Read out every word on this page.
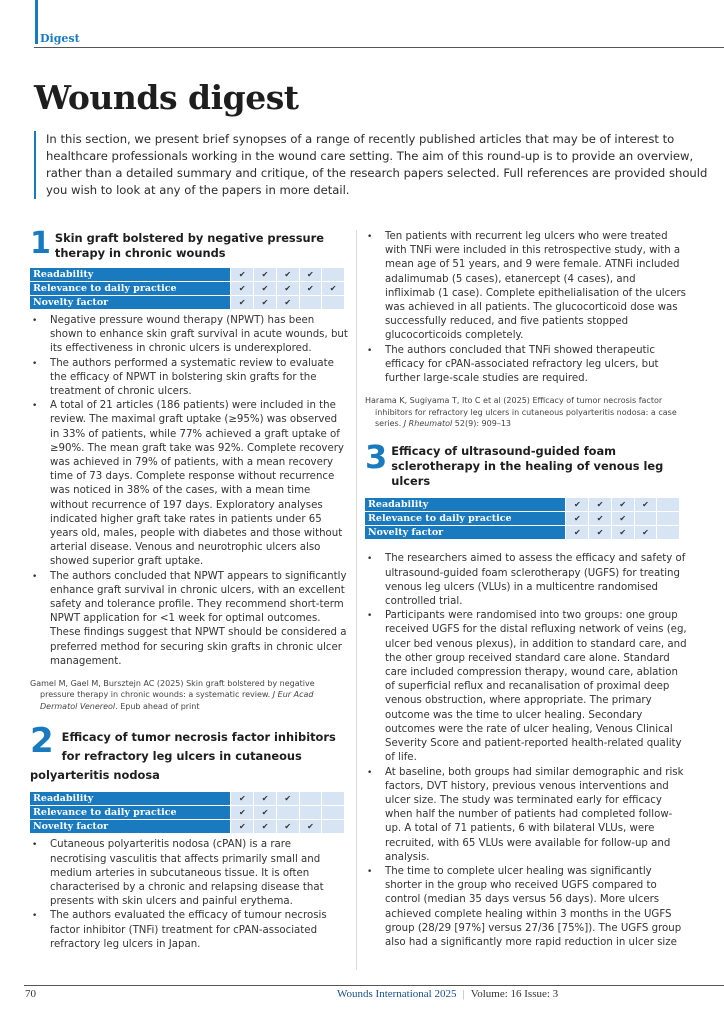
Digest
Wounds digest
In this section, we present brief synopses of a range of recently published articles that may be of interest to healthcare professionals working in the wound care setting. The aim of this round-up is to provide an overview, rather than a detailed summary and critique, of the research papers selected. Full references are provided should you wish to look at any of the papers in more detail.
1 Skin graft bolstered by negative pressure therapy in chronic wounds
Readability	✔	✔	✔	✔	
Relevance to daily practice	✔	✔	✔	✔	✔
Novelty factor	✔	✔	✔		
• Negative pressure wound therapy (NPWT) has been shown to enhance skin graft survival in acute wounds, but its effectiveness in chronic ulcers is underexplored.
• The authors performed a systematic review to evaluate the efficacy of NPWT in bolstering skin grafts for the treatment of chronic ulcers.
• A total of 21 articles (186 patients) were included in the review. The maximal graft uptake (≥95%) was observed in 33% of patients, while 77% achieved a graft uptake of ≥90%. The mean graft take was 92%. Complete recovery was achieved in 79% of patients, with a mean recovery time of 73 days. Complete response without recurrence was noticed in 38% of the cases, with a mean time without recurrence of 197 days. Exploratory analyses indicated higher graft take rates in patients under 65 years old, males, people with diabetes and those without arterial disease. Venous and neurotrophic ulcers also showed superior graft uptake.
• The authors concluded that NPWT appears to significantly enhance graft survival in chronic ulcers, with an excellent safety and tolerance profile. They recommend short-term NPWT application for <1 week for optimal outcomes. These findings suggest that NPWT should be considered a preferred method for securing skin grafts in chronic ulcer management.

Gamel M, Gael M, Bursztejn AC (2025) Skin graft bolstered by negative pressure therapy in chronic wounds: a systematic review. J Eur Acad Dermatol Venereol. Epub ahead of print

2 Efficacy of tumor necrosis factor inhibitors for refractory leg ulcers in cutaneous polyarteritis nodosa
Readability	✔	✔	✔		
Relevance to daily practice	✔	✔			
Novelty factor	✔	✔	✔	✔	
• Cutaneous polyarteritis nodosa (cPAN) is a rare necrotising vasculitis that affects primarily small and medium arteries in subcutaneous tissue. It is often characterised by a chronic and relapsing disease that presents with skin ulcers and painful erythema.
• The authors evaluated the efficacy of tumour necrosis factor inhibitor (TNFi) treatment for cPAN-associated refractory leg ulcers in Japan.
• Ten patients with recurrent leg ulcers who were treated with TNFi were included in this retrospective study, with a mean age of 51 years, and 9 were female. ATNFi included adalimumab (5 cases), etanercept (4 cases), and infliximab (1 case). Complete epithelialisation of the ulcers was achieved in all patients. The glucocorticoid dose was successfully reduced, and five patients stopped glucocorticoids completely.
• The authors concluded that TNFi showed therapeutic efficacy for cPAN-associated refractory leg ulcers, but further large-scale studies are required.

Harama K, Sugiyama T, Ito C et al (2025) Efficacy of tumor necrosis factor inhibitors for refractory leg ulcers in cutaneous polyarteritis nodosa: a case series. J Rheumatol 52(9): 909–13

3 Efficacy of ultrasound-guided foam sclerotherapy in the healing of venous leg ulcers
Readability	✔	✔	✔	✔	
Relevance to daily practice	✔	✔	✔		
Novelty factor	✔	✔	✔	✔	
• The researchers aimed to assess the efficacy and safety of ultrasound-guided foam sclerotherapy (UGFS) for treating venous leg ulcers (VLUs) in a multicentre randomised controlled trial.
• Participants were randomised into two groups: one group received UGFS for the distal refluxing network of veins (eg, ulcer bed venous plexus), in addition to standard care, and the other group received standard care alone. Standard care included compression therapy, wound care, ablation of superficial reflux and recanalisation of proximal deep venous obstruction, where appropriate. The primary outcome was the time to ulcer healing. Secondary outcomes were the rate of ulcer healing, Venous Clinical Severity Score and patient-reported health-related quality of life.
• At baseline, both groups had similar demographic and risk factors, DVT history, previous venous interventions and ulcer size. The study was terminated early for efficacy when half the number of patients had completed follow-up. A total of 71 patients, 6 with bilateral VLUs, were recruited, with 65 VLUs were available for follow-up and analysis.
• The time to complete ulcer healing was significantly shorter in the group who received UGFS compared to control (median 35 days versus 56 days). More ulcers achieved complete healing within 3 months in the UGFS group (28/29 [97%] versus 27/36 [75%]). The UGFS group also had a significantly more rapid reduction in ulcer size
70	Wounds International 2025 | Volume: 16 Issue: 3
